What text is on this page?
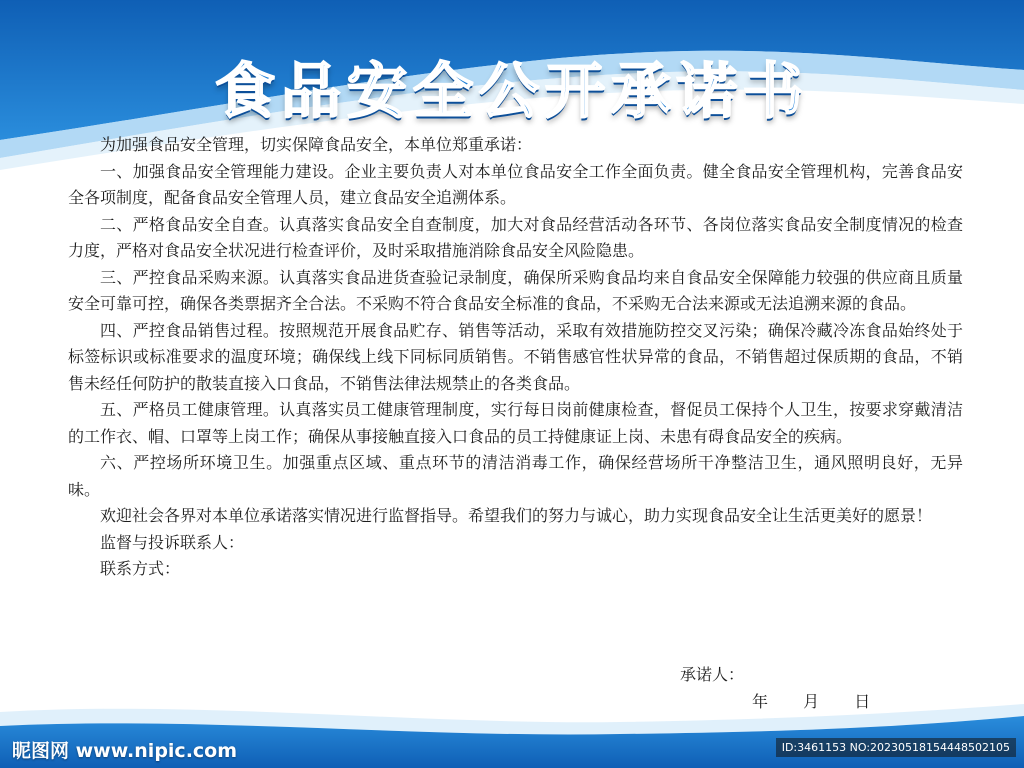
食品安全公开承诺书

为加强食品安全管理，切实保障食品安全，本单位郑重承诺：

一、加强食品安全管理能力建设。企业主要负责人对本单位食品安全工作全面负责。健全食品安全管理机构，完善食品安全各项制度，配备食品安全管理人员，建立食品安全追溯体系。

二、严格食品安全自查。认真落实食品安全自查制度，加大对食品经营活动各环节、各岗位落实食品安全制度情况的检查力度，严格对食品安全状况进行检查评价，及时采取措施消除食品安全风险隐患。

三、严控食品采购来源。认真落实食品进货查验记录制度，确保所采购食品均来自食品安全保障能力较强的供应商且质量安全可靠可控，确保各类票据齐全合法。不采购不符合食品安全标准的食品，不采购无合法来源或无法追溯来源的食品。

四、严控食品销售过程。按照规范开展食品贮存、销售等活动，采取有效措施防控交叉污染；确保冷藏冷冻食品始终处于标签标识或标准要求的温度环境；确保线上线下同标同质销售。不销售感官性状异常的食品，不销售超过保质期的食品，不销售未经任何防护的散装直接入口食品，不销售法律法规禁止的各类食品。

五、严格员工健康管理。认真落实员工健康管理制度，实行每日岗前健康检查，督促员工保持个人卫生，按要求穿戴清洁的工作衣、帽、口罩等上岗工作；确保从事接触直接入口食品的员工持健康证上岗、未患有碍食品安全的疾病。

六、严控场所环境卫生。加强重点区域、重点环节的清洁消毒工作，确保经营场所干净整洁卫生，通风照明良好，无异味。

欢迎社会各界对本单位承诺落实情况进行监督指导。希望我们的努力与诚心，助力实现食品安全让生活更美好的愿景！

监督与投诉联系人：

联系方式：

承诺人：
年 月 日
昵图网 www.nipic.com	ID:3461153 NO:20230518154448502105
